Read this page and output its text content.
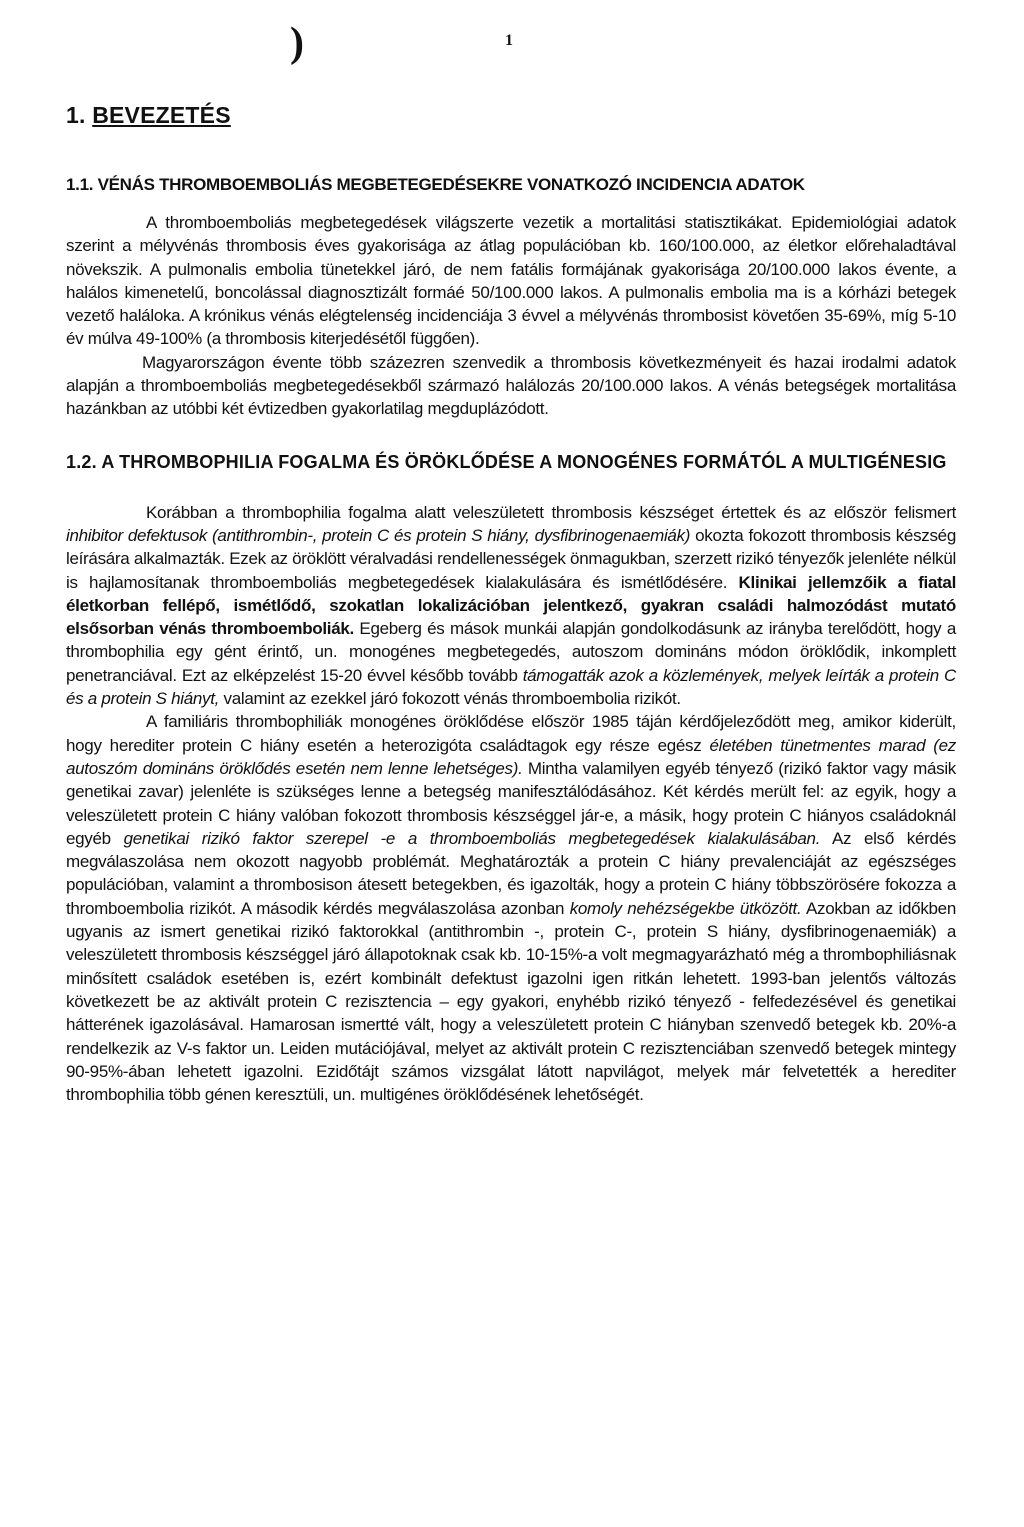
)	1
1. BEVEZETÉS
1.1. VÉNÁS THROMBOEMBOLIÁS MEGBETEGEDÉSEKRE VONATKOZÓ INCIDENCIA ADATOK

A thromboemboliás megbetegedések világszerte vezetik a mortalitási statisztikákat. Epidemiológiai adatok szerint a mélyvénás thrombosis éves gyakorisága az átlag populációban kb. 160/100.000, az életkor előrehaladtával növekszik. A pulmonalis embolia tünetekkel járó, de nem fatális formájának gyakorisága 20/100.000 lakos évente, a halálos kimenetelű, boncolással diagnosztizált formáé 50/100.000 lakos. A pulmonalis embolia ma is a kórházi betegek vezető haláloka. A krónikus vénás elégtelenség incidenciája 3 évvel a mélyvénás thrombosist követően 35-69%, míg 5-10 év múlva 49-100% (a thrombosis kiterjedésétől függően).

Magyarországon évente több százezren szenvedik a thrombosis következményeit és hazai irodalmi adatok alapján a thromboemboliás megbetegedésekből származó halálozás 20/100.000 lakos. A vénás betegségek mortalitása hazánkban az utóbbi két évtizedben gyakorlatilag megduplázódott.

1.2. A THROMBOPHILIA FOGALMA ÉS ÖRÖKLŐDÉSE A MONOGÉNES FORMÁTÓL A MULTIGÉNESIG

Korábban a thrombophilia fogalma alatt veleszületett thrombosis készséget értettek és az először felismert inhibitor defektusok (antithrombin-, protein C és protein S hiány, dysfibrinogenaemiák) okozta fokozott thrombosis készség leírására alkalmazták. Ezek az öröklött véralvadási rendellenességek önmagukban, szerzett rizikó tényezők jelenléte nélkül is hajlamosítanak thromboemboliás megbetegedések kialakulására és ismétlődésére. Klinikai jellemzőik a fiatal életkorban fellépő, ismétlődő, szokatlan lokalizációban jelentkező, gyakran családi halmozódást mutató elsősorban vénás thromboemboliák. Egeberg és mások munkái alapján gondolkodásunk az irányba terelődött, hogy a thrombophilia egy gént érintő, un. monogénes megbetegedés, autoszom domináns módon öröklődik, inkomplett penetranciával. Ezt az elképzelést 15-20 évvel később tovább támogatták azok a közlemények, melyek leírták a protein C és a protein S hiányt, valamint az ezekkel járó fokozott vénás thromboembolia rizikót.

A familiáris thrombophiliák monogénes öröklődése először 1985 táján kérdőjeleződött meg, amikor kiderült, hogy herediter protein C hiány esetén a heterozigóta családtagok egy része egész életében tünetmentes marad (ez autoszóm domináns öröklődés esetén nem lenne lehetséges). Mintha valamilyen egyéb tényező (rizikó faktor vagy másik genetikai zavar) jelenléte is szükséges lenne a betegség manifesztálódásához. Két kérdés merült fel: az egyik, hogy a veleszületett protein C hiány valóban fokozott thrombosis készséggel jár-e, a másik, hogy protein C hiányos családoknál egyéb genetikai rizikó faktor szerepel -e a thromboemboliás megbetegedések kialakulásában. Az első kérdés megválaszolása nem okozott nagyobb problémát. Meghatározták a protein C hiány prevalenciáját az egészséges populációban, valamint a thrombosison átesett betegekben, és igazolták, hogy a protein C hiány többszörösére fokozza a thromboembolia rizikót. A második kérdés megválaszolása azonban komoly nehézségekbe ütközött. Azokban az időkben ugyanis az ismert genetikai rizikó faktorokkal (antithrombin -, protein C-, protein S hiány, dysfibrinogenaemiák) a veleszületett thrombosis készséggel járó állapotoknak csak kb. 10-15%-a volt megmagyarázható még a thrombophiliásnak minősített családok esetében is, ezért kombinált defektust igazolni igen ritkán lehetett. 1993-ban jelentős változás következett be az aktivált protein C rezisztencia – egy gyakori, enyhébb rizikó tényező - felfedezésével és genetikai hátterének igazolásával. Hamarosan ismertté vált, hogy a veleszületett protein C hiányban szenvedő betegek kb. 20%-a rendelkezik az V-s faktor un. Leiden mutációjával, melyet az aktivált protein C rezisztenciában szenvedő betegek mintegy 90-95%-ában lehetett igazolni. Ezidőtájt számos vizsgálat látott napvilágot, melyek már felvetették a herediter thrombophilia több génen keresztüli, un. multigénes öröklődésének lehetőségét.
